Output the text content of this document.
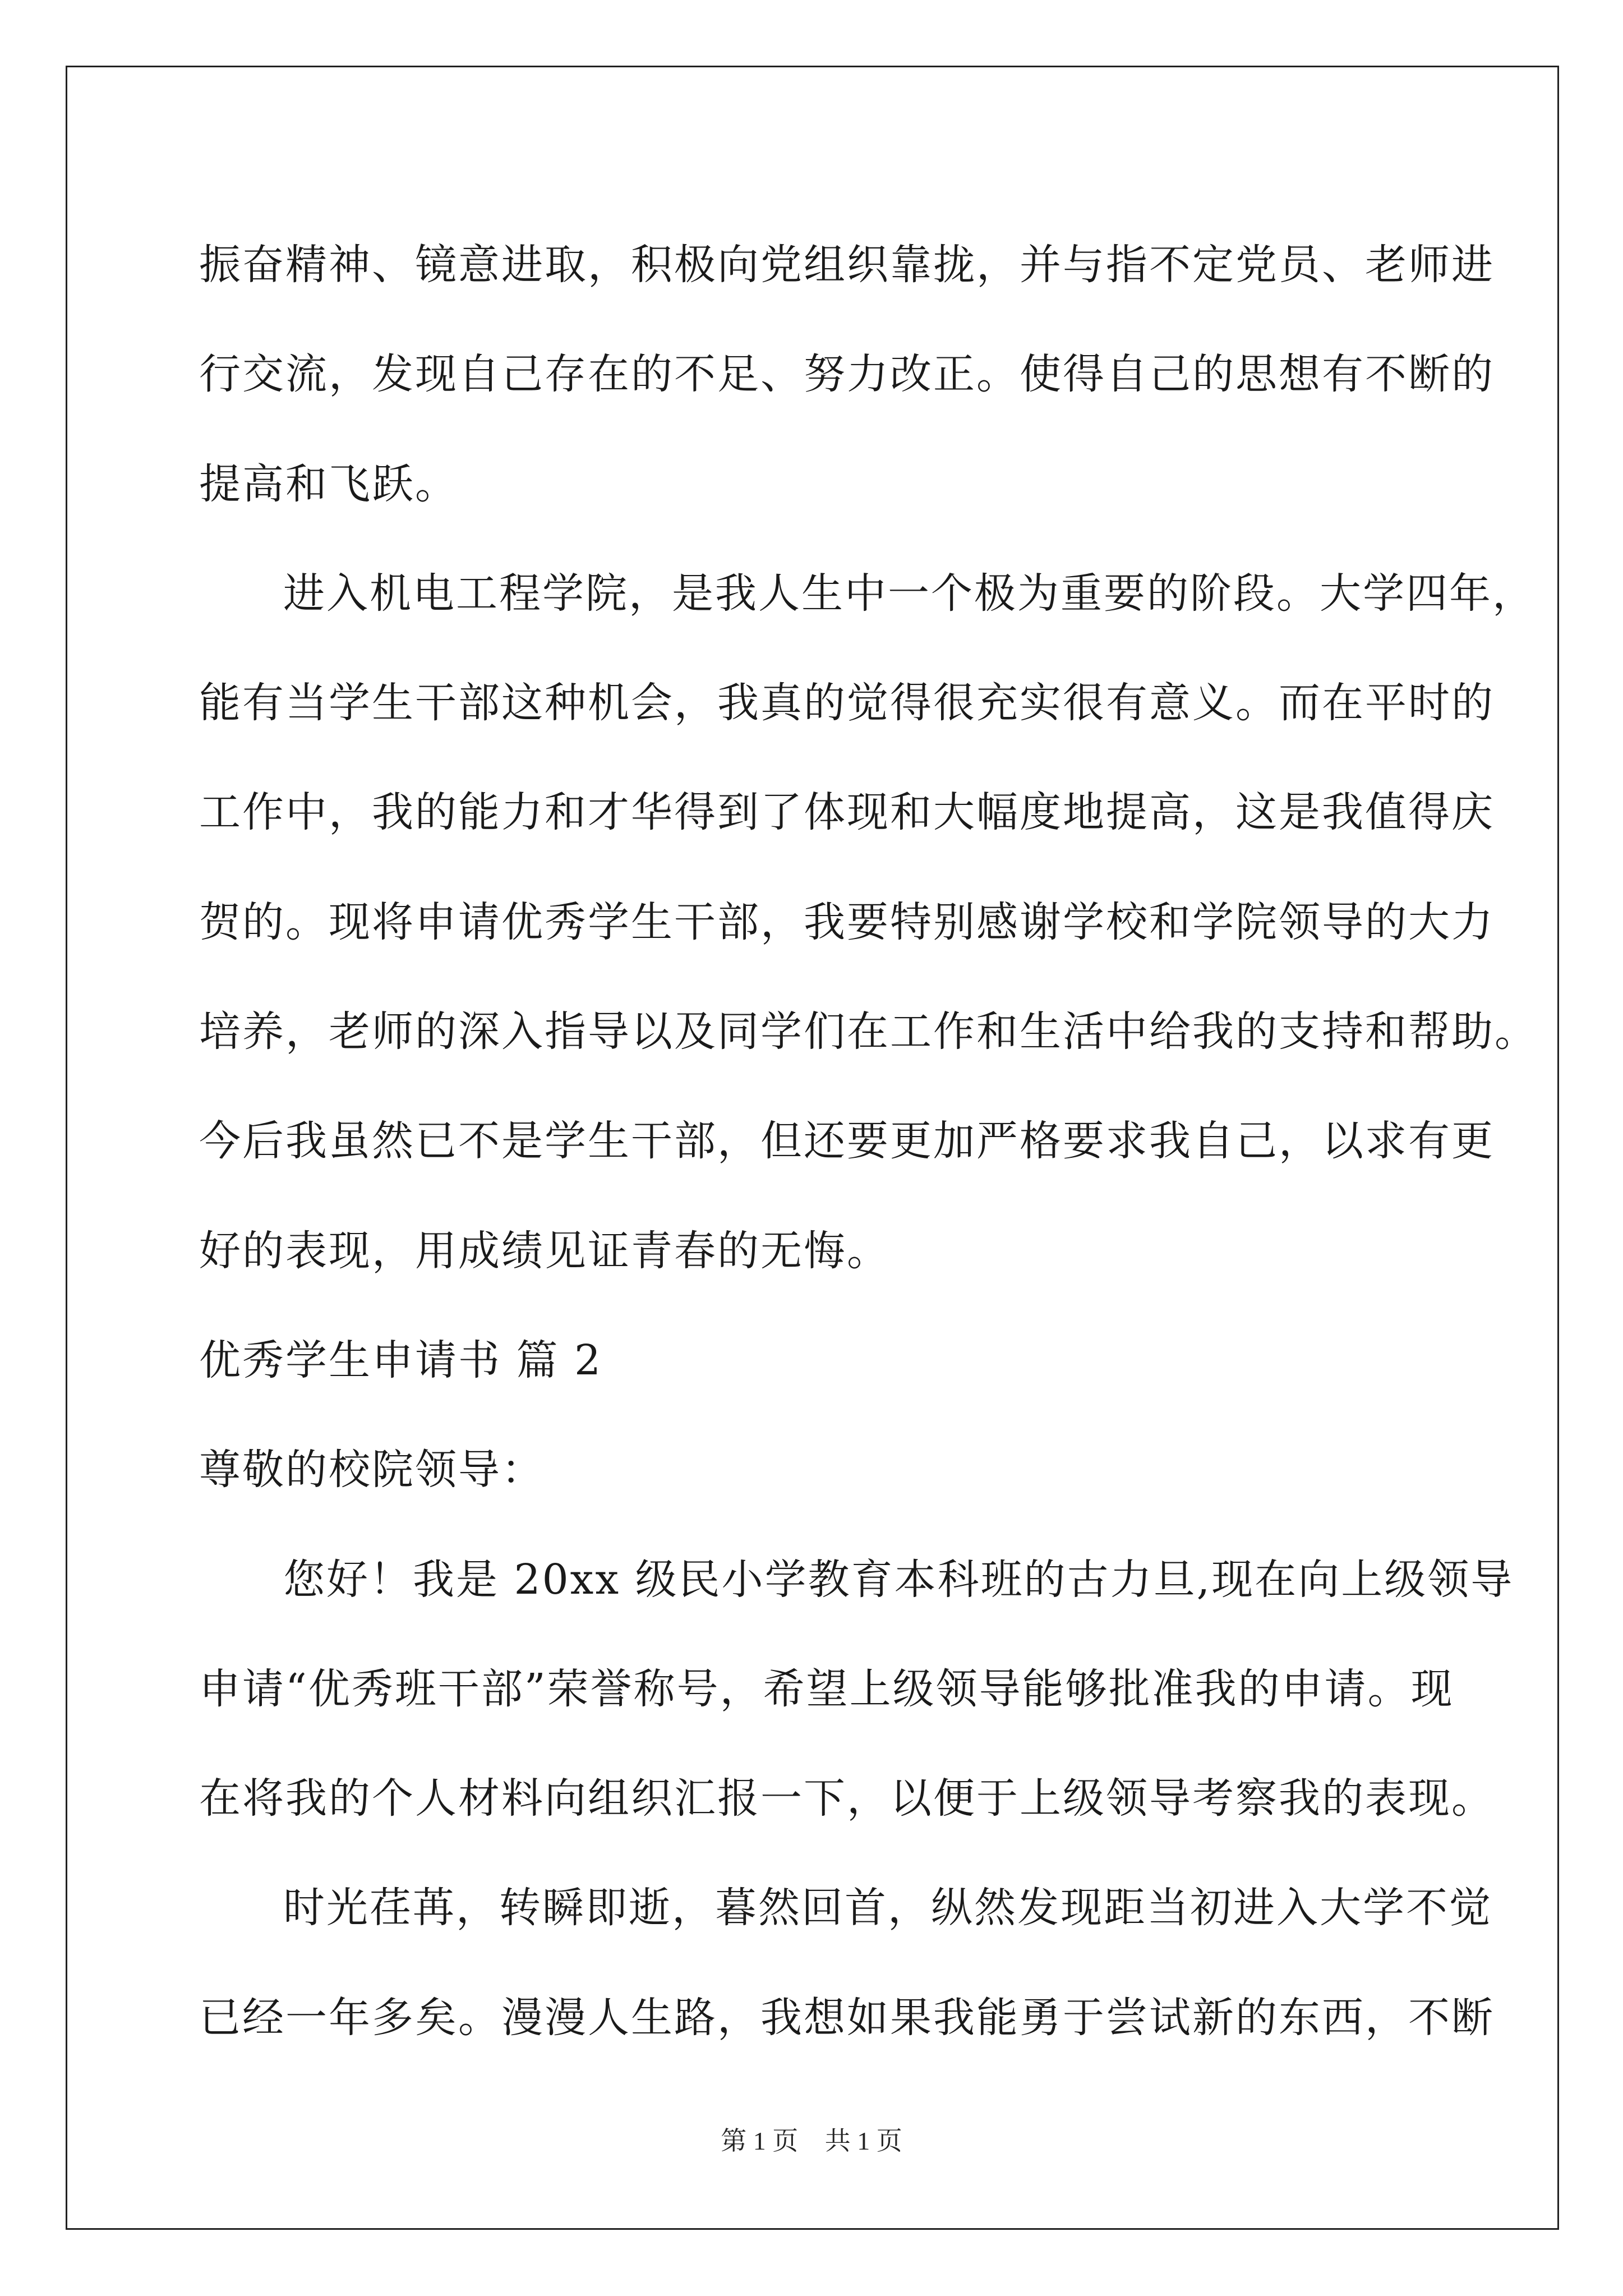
振奋精神、镜意进取，积极向党组织靠拢，并与指不定党员、老师进
行交流，发现自己存在的不足、努力改正。使得自己的思想有不断的
提高和飞跃。
进入机电工程学院，是我人生中一个极为重要的阶段。大学四年，
能有当学生干部这种机会，我真的觉得很充实很有意义。而在平时的
工作中，我的能力和才华得到了体现和大幅度地提高，这是我值得庆
贺的。现将申请优秀学生干部，我要特别感谢学校和学院领导的大力
培养，老师的深入指导以及同学们在工作和生活中给我的支持和帮助。
今后我虽然已不是学生干部，但还要更加严格要求我自己，以求有更
好的表现，用成绩见证青春的无悔。
优秀学生申请书 篇 2
尊敬的校院领导：
您好！我是 20xx 级民小学教育本科班的古力旦,现在向上级领导
申请“优秀班干部”荣誉称号，希望上级领导能够批准我的申请。现
在将我的个人材料向组织汇报一下，以便于上级领导考察我的表现。
时光荏苒，转瞬即逝，暮然回首，纵然发现距当初进入大学不觉
已经一年多矣。漫漫人生路，我想如果我能勇于尝试新的东西，不断
第 1 页 共 1 页
